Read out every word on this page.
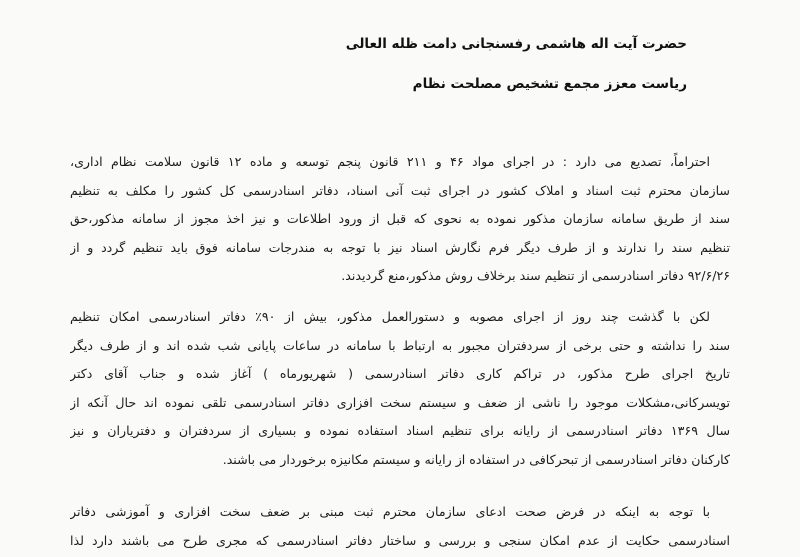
حضرت آیت اله هاشمی رفسنجانی دامت ظله العالی
ریاست معزز مجمع تشخیص مصلحت نظام
احتراماً، تصدیع می دارد : در اجرای مواد ۴۶ و ۲۱۱ قانون پنجم توسعه و ماده ۱۲ قانون سلامت نظام اداری،
سازمان محترم ثبت اسناد و املاک کشور در اجرای ثبت آنی اسناد، دفاتر اسنادرسمی کل کشور را مکلف به تنظیم
سند از طریق سامانه سازمان مذکور نموده به نحوی که قبل از ورود اطلاعات و نیز اخذ مجوز از سامانه مذکور،حق
تنظیم سند را ندارند و از طرف دیگر فرم نگارش اسناد نیز با توجه به مندرجات سامانه فوق باید تنظیم گردد و از
۹۲/۶/۲۶ دفاتر اسنادرسمی از تنظیم سند برخلاف روش مذکور،منع گردیدند.
لکن با گذشت چند روز از اجرای مصوبه و دستورالعمل مذکور، بیش از ۹۰٪ دفاتر اسنادرسمی امکان تنظیم
سند را نداشته و حتی برخی از سردفتران مجبور به ارتباط با سامانه در ساعات پایانی شب شده اند و از طرف دیگر
تاریخ اجرای طرح مذکور، در تراکم کاری دفاتر اسنادرسمی ( شهریورماه ) آغاز شده و جناب آقای دکتر
تویسرکانی،مشکلات موجود را ناشی از ضعف و سیستم سخت افزاری دفاتر اسنادرسمی تلقی نموده اند حال آنکه از
سال ۱۳۶۹ دفاتر اسنادرسمی از رایانه برای تنظیم اسناد استفاده نموده و بسیاری از سردفتران و دفتریاران و نیز
کارکنان دفاتر اسنادرسمی از تبحرکافی در استفاده از رایانه و سیستم مکانیزه برخوردار می باشند.
با توجه به اینکه در فرض صحت ادعای سازمان محترم ثبت مبنی بر ضعف سخت افزاری و آموزشی دفاتر
اسنادرسمی حکایت از عدم امکان سنجی و بررسی و ساختار دفاتر اسنادرسمی که مجری طرح می باشند دارد لذا
